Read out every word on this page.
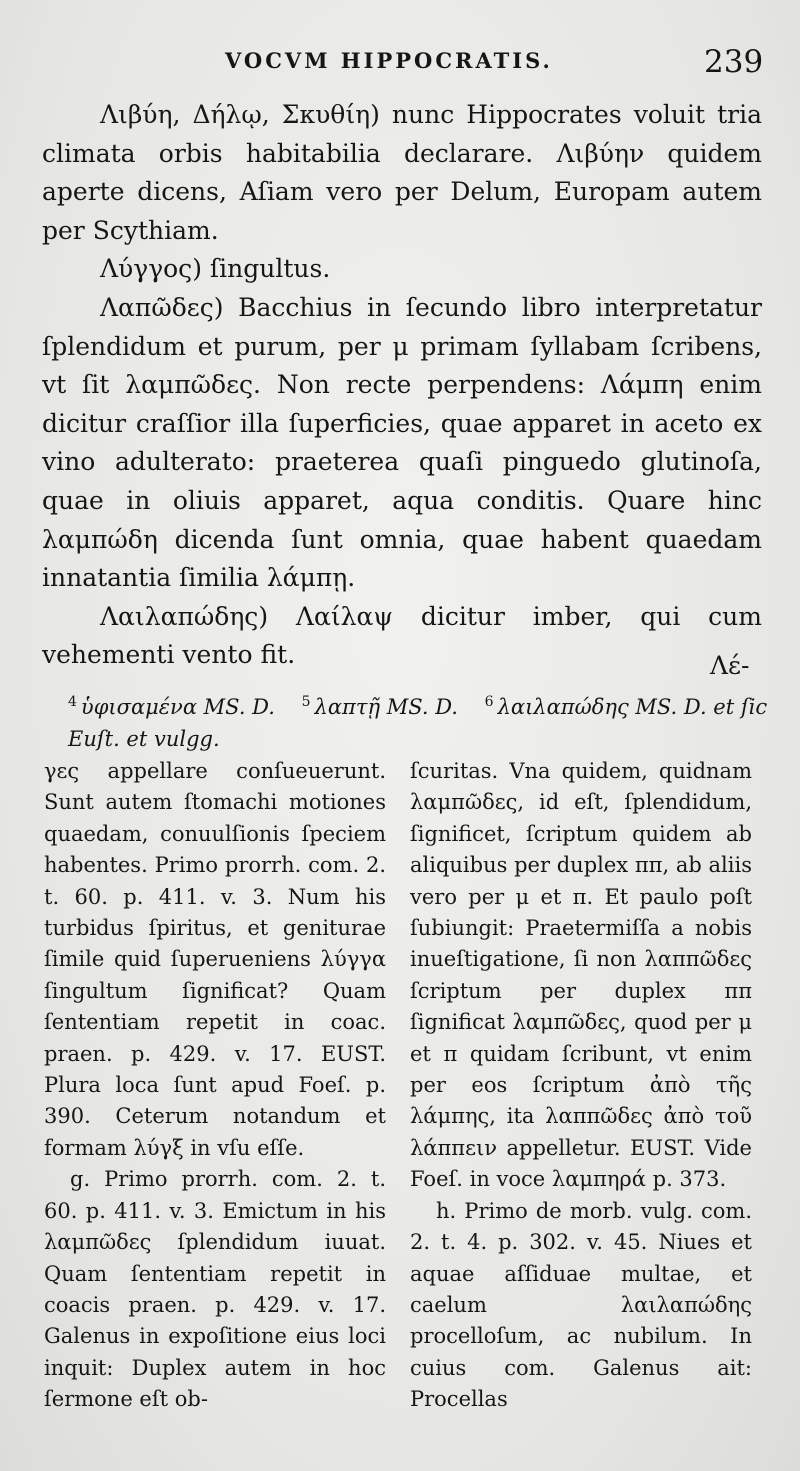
VOCVM HIPPOCRATIS.	239

Λιβύη, Δήλῳ, Σκυθίη) nunc Hippocrates voluit tria climata orbis habitabilia declarare. Λιβύην quidem aperte dicens, Aſiam vero per Delum, Europam autem per Scythiam.

Λύγγος) ſingultus.

Λαπῶδες) Bacchius in ſecundo libro interpretatur ſplendidum et purum, per μ primam ſyllabam ſcribens, vt ſit λαμπῶδες. Non recte perpendens: Λάμπη enim dicitur craſſior illa ſuperficies, quae apparet in aceto ex vino adulterato: praeterea quaſi pinguedo glutinoſa, quae in oliuis apparet, aqua conditis. Quare hinc λαμπώδη dicenda ſunt omnia, quae habent quaedam innatantia ſimilia λάμπῃ.

Λαιλαπώδης) Λαίλαψ dicitur imber, qui cum vehementi vento fit.	Λέ-
$^4$ ὑφισαμένα MS. D. $^5$ λαπτῇ MS. D. $^6$ λαιλαπώδης MS. D. et ſic Euſt. et vulgg.

γες appellare conſueuerunt. Sunt autem ſtomachi motiones quaedam, conuulſionis ſpeciem habentes. Primo prorrh. com. 2. t. 60. p. 411. v. 3. Num his turbidus ſpiritus, et geniturae ſimile quid ſuperueniens λύγγα ſingultum ſignificat? Quam ſententiam repetit in coac. praen. p. 429. v. 17. EUST. Plura loca ſunt apud Foeſ. p. 390. Ceterum notandum et formam λύγξ in vſu eſſe.

g. Primo prorrh. com. 2. t. 60. p. 411. v. 3. Emictum in his λαμπῶδες ſplendidum iuuat. Quam ſententiam repetit in coacis praen. p. 429. v. 17. Galenus in expoſitione eius loci inquit: Duplex autem in hoc ſermone eſt ob-

ſcuritas. Vna quidem, quidnam λαμπῶδες, id eſt, ſplendidum, ſignificet, ſcriptum quidem ab aliquibus per duplex ππ, ab aliis vero per μ et π. Et paulo poſt ſubiungit: Praetermiſſa a nobis inueſtigatione, ſi non λαππῶδες ſcriptum per duplex ππ ſignificat λαμπῶδες, quod per μ et π quidam ſcribunt, vt enim per eos ſcriptum ἀπὸ τῆς λάμπης, ita λαππῶδες ἀπὸ τοῦ λάππειν appelletur. EUST. Vide Foeſ. in voce λαμπηρά p. 373.

h. Primo de morb. vulg. com. 2. t. 4. p. 302. v. 45. Niues et aquae aſſiduae multae, et caelum λαιλαπώδης procelloſum, ac nubilum. In cuius com. Galenus ait: Procellas
